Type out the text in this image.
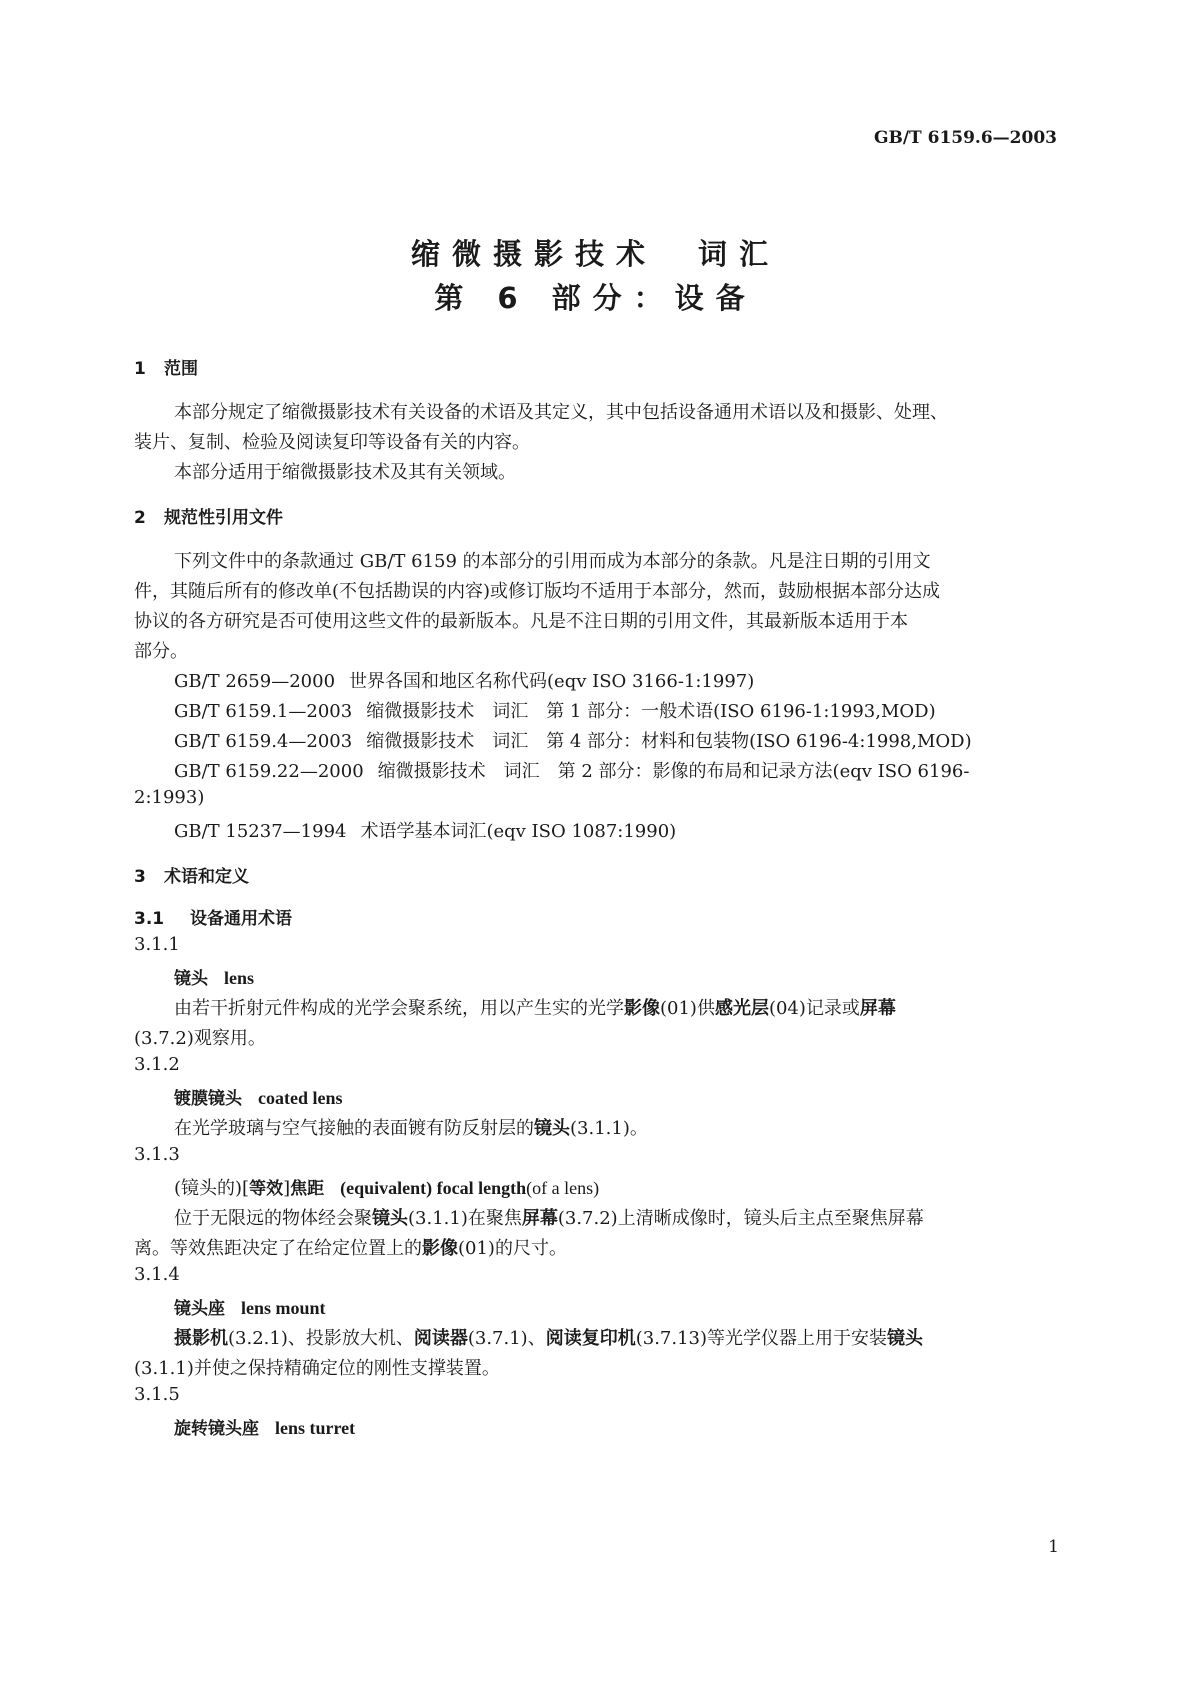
GB/T 6159.6—2003
缩微摄影技术　词汇
第 6 部分：设备
1 范围
本部分规定了缩微摄影技术有关设备的术语及其定义，其中包括设备通用术语以及和摄影、处理、
装片、复制、检验及阅读复印等设备有关的内容。
本部分适用于缩微摄影技术及其有关领域。
2 规范性引用文件
下列文件中的条款通过 GB/T 6159 的本部分的引用而成为本部分的条款。凡是注日期的引用文
件，其随后所有的修改单(不包括勘误的内容)或修订版均不适用于本部分，然而，鼓励根据本部分达成
协议的各方研究是否可使用这些文件的最新版本。凡是不注日期的引用文件，其最新版本适用于本
部分。
GB/T 2659—2000 世界各国和地区名称代码(eqv ISO 3166-1:1997)
GB/T 6159.1—2003 缩微摄影技术　词汇　第 1 部分：一般术语(ISO 6196-1:1993,MOD)
GB/T 6159.4—2003 缩微摄影技术　词汇　第 4 部分：材料和包装物(ISO 6196-4:1998,MOD)
GB/T 6159.22—2000 缩微摄影技术　词汇　第 2 部分：影像的布局和记录方法(eqv ISO 6196-
2:1993)
GB/T 15237—1994 术语学基本词汇(eqv ISO 1087:1990)
3 术语和定义
3.1 设备通用术语
3.1.1
镜头 lens
由若干折射元件构成的光学会聚系统，用以产生实的光学影像(01)供感光层(04)记录或屏幕
(3.7.2)观察用。
3.1.2
镀膜镜头 coated lens
在光学玻璃与空气接触的表面镀有防反射层的镜头(3.1.1)。
3.1.3
(镜头的)[等效]焦距 (equivalent) focal length(of a lens)
位于无限远的物体经会聚镜头(3.1.1)在聚焦屏幕(3.7.2)上清晰成像时，镜头后主点至聚焦屏幕
离。等效焦距决定了在给定位置上的影像(01)的尺寸。
3.1.4
镜头座 lens mount
摄影机(3.2.1)、投影放大机、阅读器(3.7.1)、阅读复印机(3.7.13)等光学仪器上用于安装镜头
(3.1.1)并使之保持精确定位的刚性支撑装置。
3.1.5
旋转镜头座 lens turret
1
